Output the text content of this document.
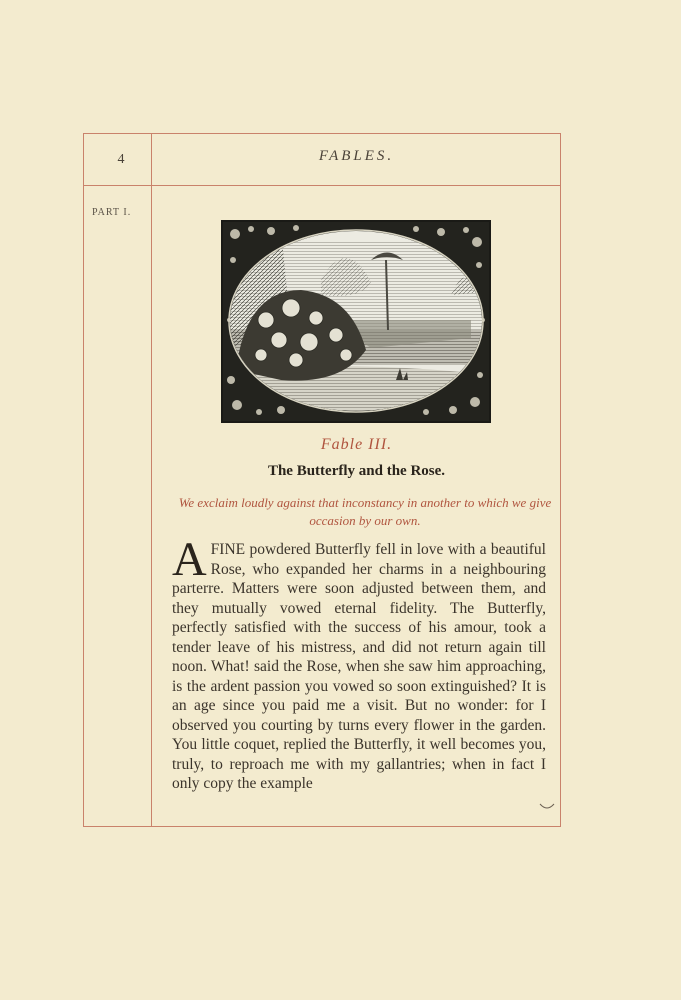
4	FABLES.
PART I.
Fable III.
The Butterfly and the Rose.
We exclaim loudly against that inconstancy in another to which we give occasion by our own.

A FINE powdered Butterfly fell in love with a beautiful Rose, who expanded her charms in a neighbouring parterre. Matters were soon adjusted between them, and they mutually vowed eternal fidelity. The Butterfly, perfectly satisfied with the success of his amour, took a tender leave of his mistress, and did not return again till noon. What! said the Rose, when she saw him approaching, is the ardent passion you vowed so soon extinguished? It is an age since you paid me a visit. But no wonder: for I observed you courting by turns every flower in the garden. You little coquet, replied the Butterfly, it well becomes you, truly, to reproach me with my gallantries; when in fact I only copy the example
